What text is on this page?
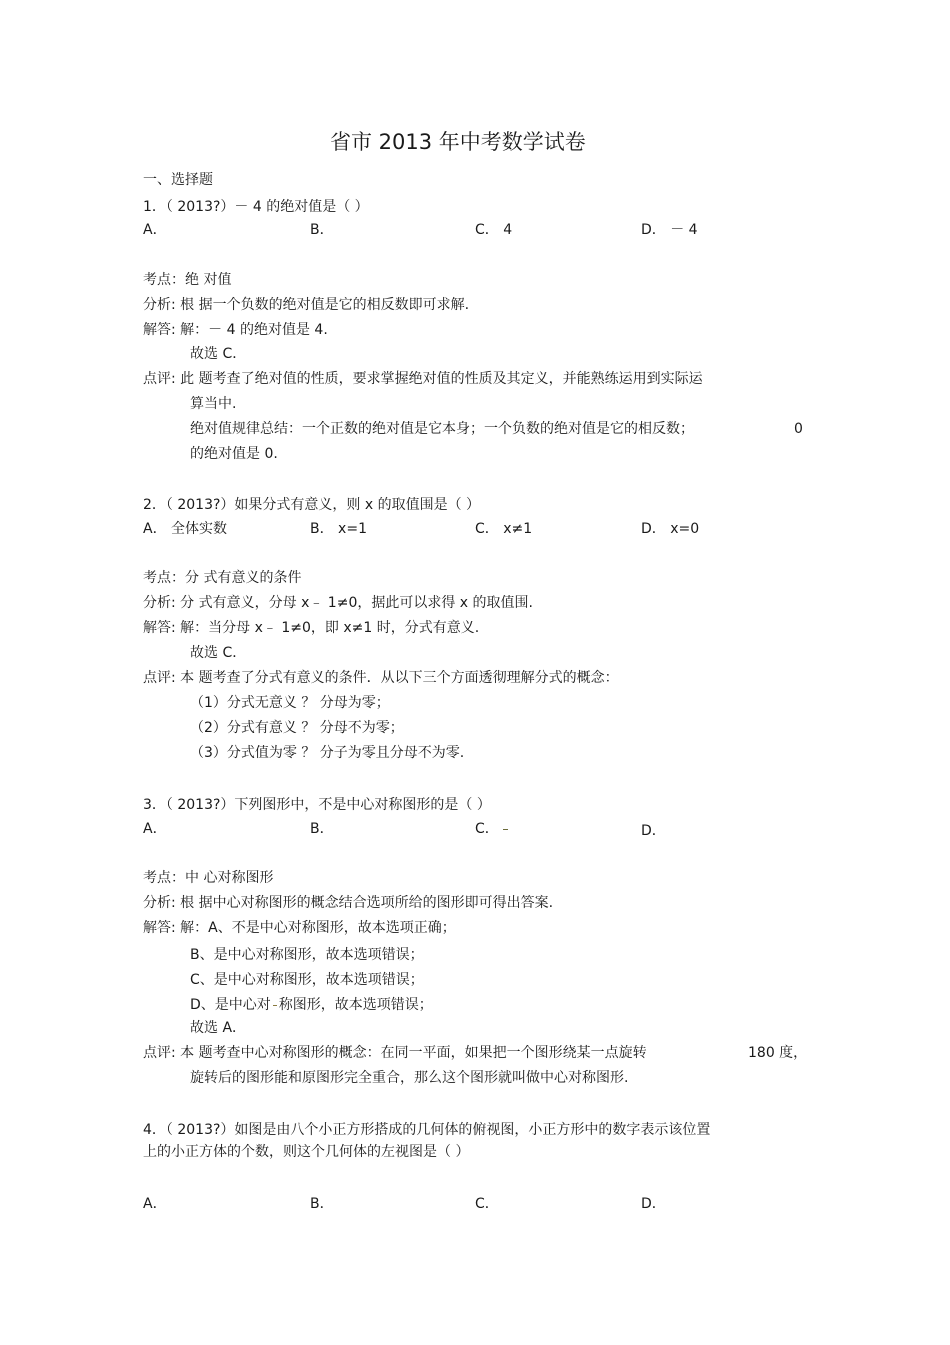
省市 2013 年中考数学试卷
一、选择题
1．（ 2013?）－ 4 的绝对值是（ ）
A．	B．	C． 4	D． － 4
考点：绝 对值
分析: 根 据一个负数的绝对值是它的相反数即可求解.
解答: 解：－ 4 的绝对值是 4.
故选 C．
点评: 此 题考查了绝对值的性质，要求掌握绝对值的性质及其定义，并能熟练运用到实际运
算当中.
绝对值规律总结：一个正数的绝对值是它本身；一个负数的绝对值是它的相反数；	0
的绝对值是 0.
2．（ 2013?）如果分式有意义，则 x 的取值围是（ ）
A． 全体实数	B． x=1	C． x≠1	D． x=0
考点：分 式有意义的条件
分析: 分 式有意义，分母 x﹣ 1≠0，据此可以求得 x 的取值围.
解答: 解：当分母 x﹣ 1≠0，即 x≠1 时，分式有意义.
故选 C．
点评: 本 题考查了分式有意义的条件．从以下三个方面透彻理解分式的概念：
（1）分式无意义 ？ 分母为零；
（2）分式有意义 ？ 分母不为零；
（3）分式值为零 ？ 分子为零且分母不为零.
3．（ 2013?）下列图形中，不是中心对称图形的是（ ）
A．	B．	C．	D．
考点：中 心对称图形
分析: 根 据中心对称图形的概念结合选项所给的图形即可得出答案.
解答: 解：A、不是中心对称图形，故本选项正确；
B、是中心对称图形，故本选项错误；
C、是中心对称图形，故本选项错误；
D、是中心对 称图形，故本选项错误；
故选 A．
点评: 本 题考查中心对称图形的概念：在同一平面，如果把一个图形绕某一点旋转	180 度，
旋转后的图形能和原图形完全重合，那么这个图形就叫做中心对称图形.
4．（ 2013?）如图是由八个小正方形搭成的几何体的俯视图，小正方形中的数字表示该位置
上的小正方体的个数，则这个几何体的左视图是（ ）
A．	B．	C．	D．
